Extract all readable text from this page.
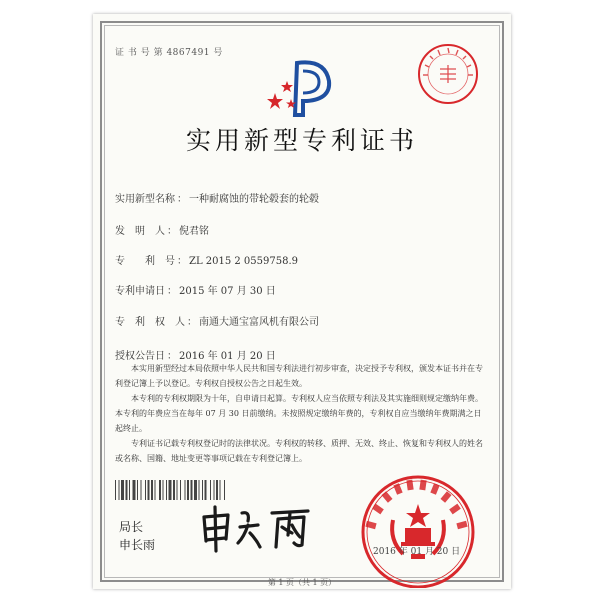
证 书 号 第 4867491 号
实用新型专利证书
实用新型名称 ： 一种耐腐蚀的带轮毂套的轮毂
发　明　人 ： 倪君铭
专　　利　号 ： ZL 2015 2 0559758.9
专利申请日 ： 2015 年 07 月 30 日
专　利　权　人 ： 南通大通宝富风机有限公司
授权公告日 ： 2016 年 01 月 20 日
本实用新型经过本局依照中华人民共和国专利法进行初步审查，决定授予专利权，颁发本证书并在专利登记簿上予以登记。专利权自授权公告之日起生效。
本专利的专利权期限为十年，自申请日起算。专利权人应当依照专利法及其实施细则规定缴纳年费。本专利的年费应当在每年 07 月 30 日前缴纳。未按照规定缴纳年费的，专利权自应当缴纳年费期满之日起终止。
专利证书记载专利权登记时的法律状况。专利权的转移、质押、无效、终止、恢复和专利权人的姓名或名称、国籍、地址变更等事项记载在专利登记簿上。
局长
申长雨	2016 年 01 月 20 日
第 1 页（共 1 页）
